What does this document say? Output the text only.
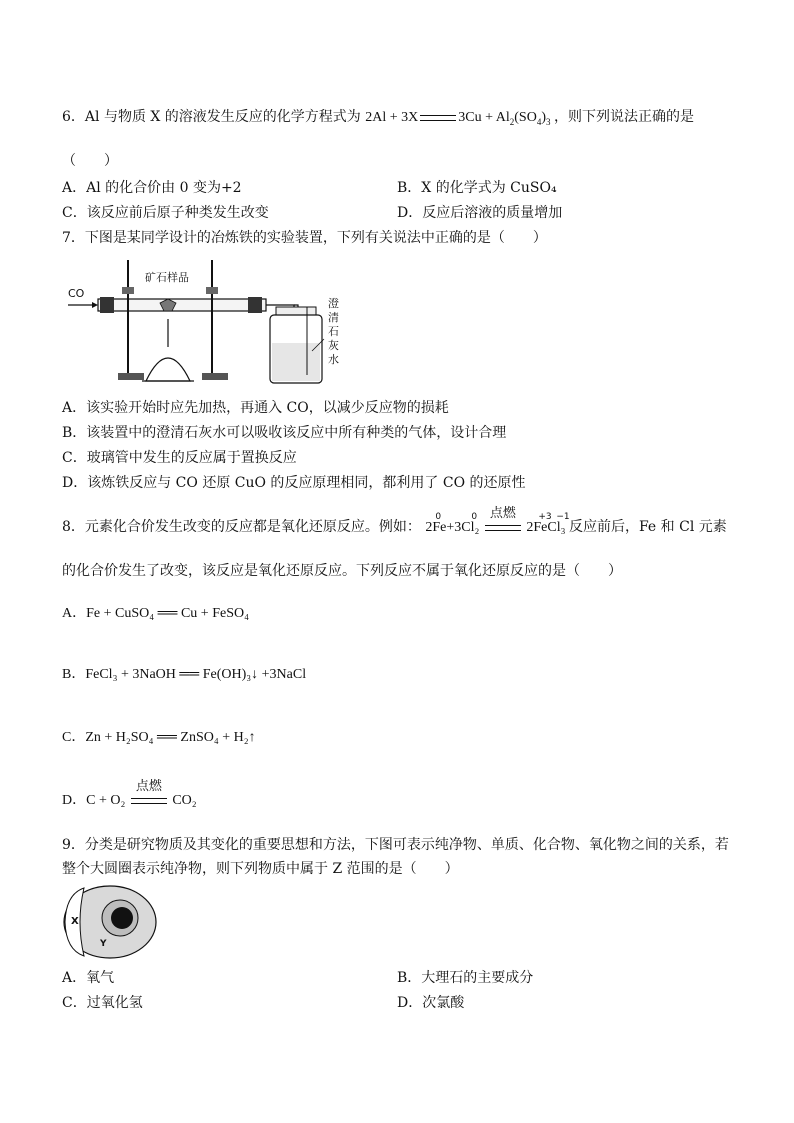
6．Al 与物质 X 的溶液发生反应的化学方程式为 2Al + 3X	$3Cu + Al_2(SO_4)_3$ ，则下列说法正确的是
（　　）
A．Al 的化合价由 0 变为+2	B．X 的化学式为 CuSO₄
C．该反应前后原子种类发生改变	D．反应后溶液的质量增加
7．下图是某同学设计的冶炼铁的实验装置，下列有关说法中正确的是（　　）
CO
矿石样品
澄 清 石 灰 水
A．该实验开始时应先加热，再通入 CO，以减少反应物的损耗
B．该装置中的澄清石灰水可以吸收该反应中所有种类的气体，设计合理
C．玻璃管中发生的反应属于置换反应
D．该炼铁反应与 CO 还原 CuO 的反应原理相同，都利用了 CO 的还原性
8．元素化合价发生改变的反应都是氧化还原反应。例如：
0	0
2Fe+3Cl₂
点燃
	+3 −1
2FeCl₃ 反应前后，Fe 和 Cl 元素
的化合价发生了改变，该反应是氧化还原反应。下列反应不属于氧化还原反应的是（　　）
A．Fe + CuSO₄ ══ Cu + FeSO₄
B．FeCl₃ + 3NaOH ══ Fe(OH)₃↓ +3NaCl
C．Zn + H₂SO₄ ══ ZnSO₄ + H₂↑
D．C + O₂
点燃
CO₂
9．分类是研究物质及其变化的重要思想和方法，下图可表示纯净物、单质、化合物、氧化物之间的关系，若
整个大圆圈表示纯净物，则下列物质中属于 Z 范围的是（　　）
X
Y
A．氧气	B．大理石的主要成分
C．过氧化氢	D．次氯酸
